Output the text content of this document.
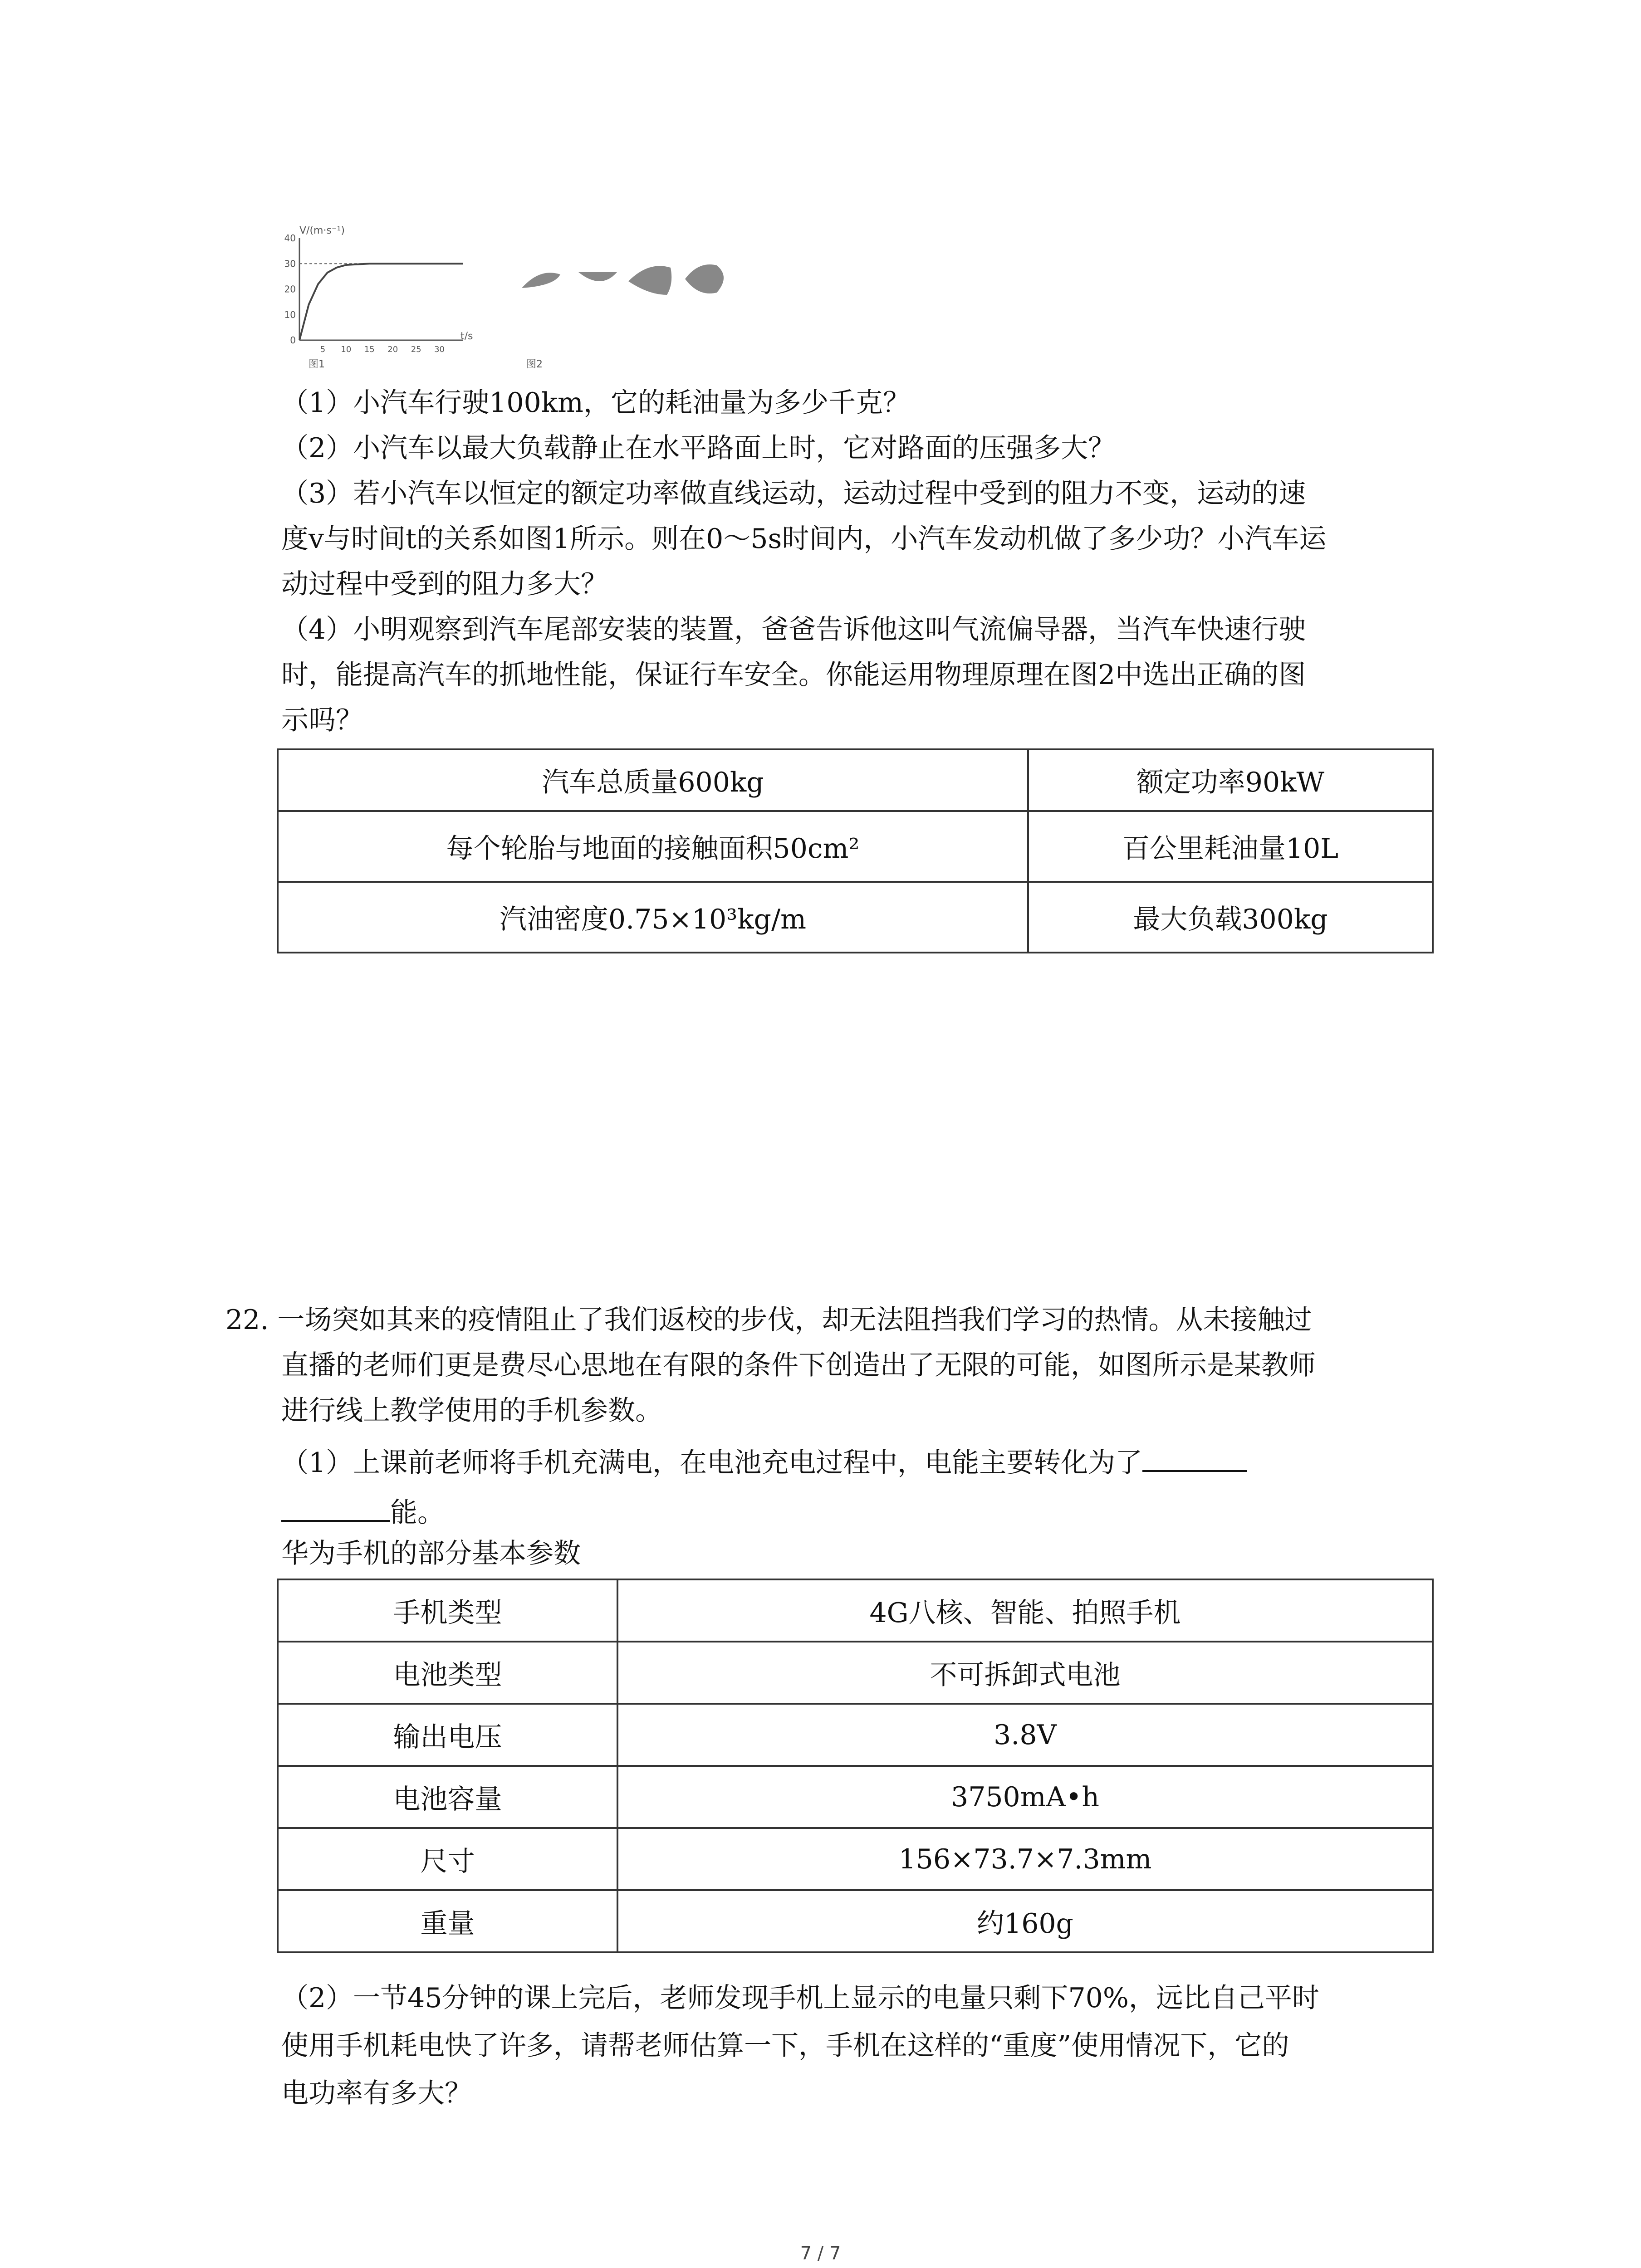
V/(m·s⁻¹)
t/s
40
30
20
10
0
5 10 15 20 25 30
图1	图2
（1）小汽车行驶100km，它的耗油量为多少千克？
（2）小汽车以最大负载静止在水平路面上时，它对路面的压强多大？
（3）若小汽车以恒定的额定功率做直线运动，运动过程中受到的阻力不变，运动的速
度v与时间t的关系如图1所示。则在0～5s时间内，小汽车发动机做了多少功？小汽车运
动过程中受到的阻力多大？
（4）小明观察到汽车尾部安装的装置，爸爸告诉他这叫气流偏导器，当汽车快速行驶
时，能提高汽车的抓地性能，保证行车安全。你能运用物理原理在图2中选出正确的图
示吗？
汽车总质量600kg	额定功率90kW
每个轮胎与地面的接触面积50cm²	百公里耗油量10L
汽油密度0.75×10³kg/m	最大负载300kg
22. 一场突如其来的疫情阻止了我们返校的步伐，却无法阻挡我们学习的热情。从未接触过
直播的老师们更是费尽心思地在有限的条件下创造出了无限的可能，如图所示是某教师
进行线上教学使用的手机参数。
（1）上课前老师将手机充满电，在电池充电过程中，电能主要转化为了
能。
华为手机的部分基本参数
手机类型	4G八核、智能、拍照手机
电池类型	不可拆卸式电池
输出电压	3.8V
电池容量	3750mA•h
尺寸	156×73.7×7.3mm
重量	约160g
（2）一节45分钟的课上完后，老师发现手机上显示的电量只剩下70%，远比自己平时
使用手机耗电快了许多，请帮老师估算一下，手机在这样的“重度”使用情况下，它的
电功率有多大？
7 / 7
